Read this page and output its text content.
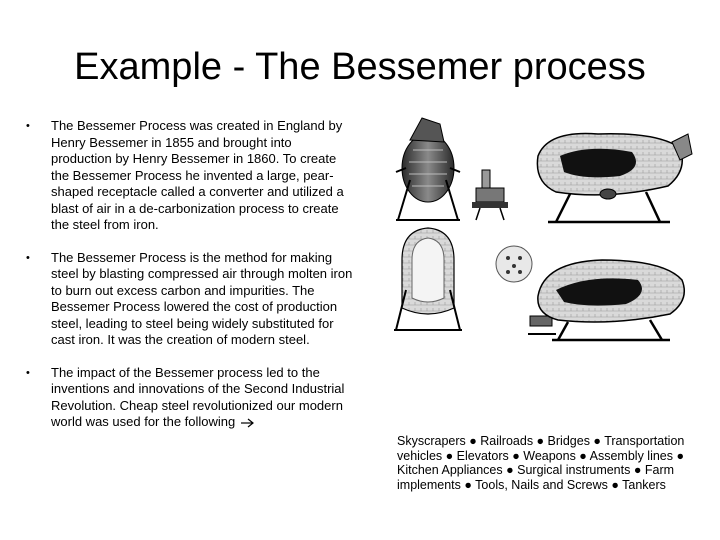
Example - The Bessemer process
• The Bessemer Process was created in England by Henry Bessemer in 1855 and brought into production by Henry Bessemer in 1860. To create the Bessemer Process he invented a large, pear-shaped receptacle called a converter and utilized a blast of air in a de-carbonization process to create the steel from iron.
• The Bessemer Process is the method for making steel by blasting compressed air through molten iron to burn out excess carbon and impurities. The Bessemer Process lowered the cost of production steel, leading to steel being widely substituted for cast iron. It was the creation of modern steel.
• The impact of the Bessemer process led to the inventions and innovations of the Second Industrial Revolution. Cheap steel revolutionized our modern world was used for the following
Skyscrapers ● Railroads ● Bridges ● Transportation vehicles ● Elevators ● Weapons ● Assembly lines ● Kitchen Appliances ● Surgical instruments ● Farm implements ● Tools, Nails and Screws ● Tankers
